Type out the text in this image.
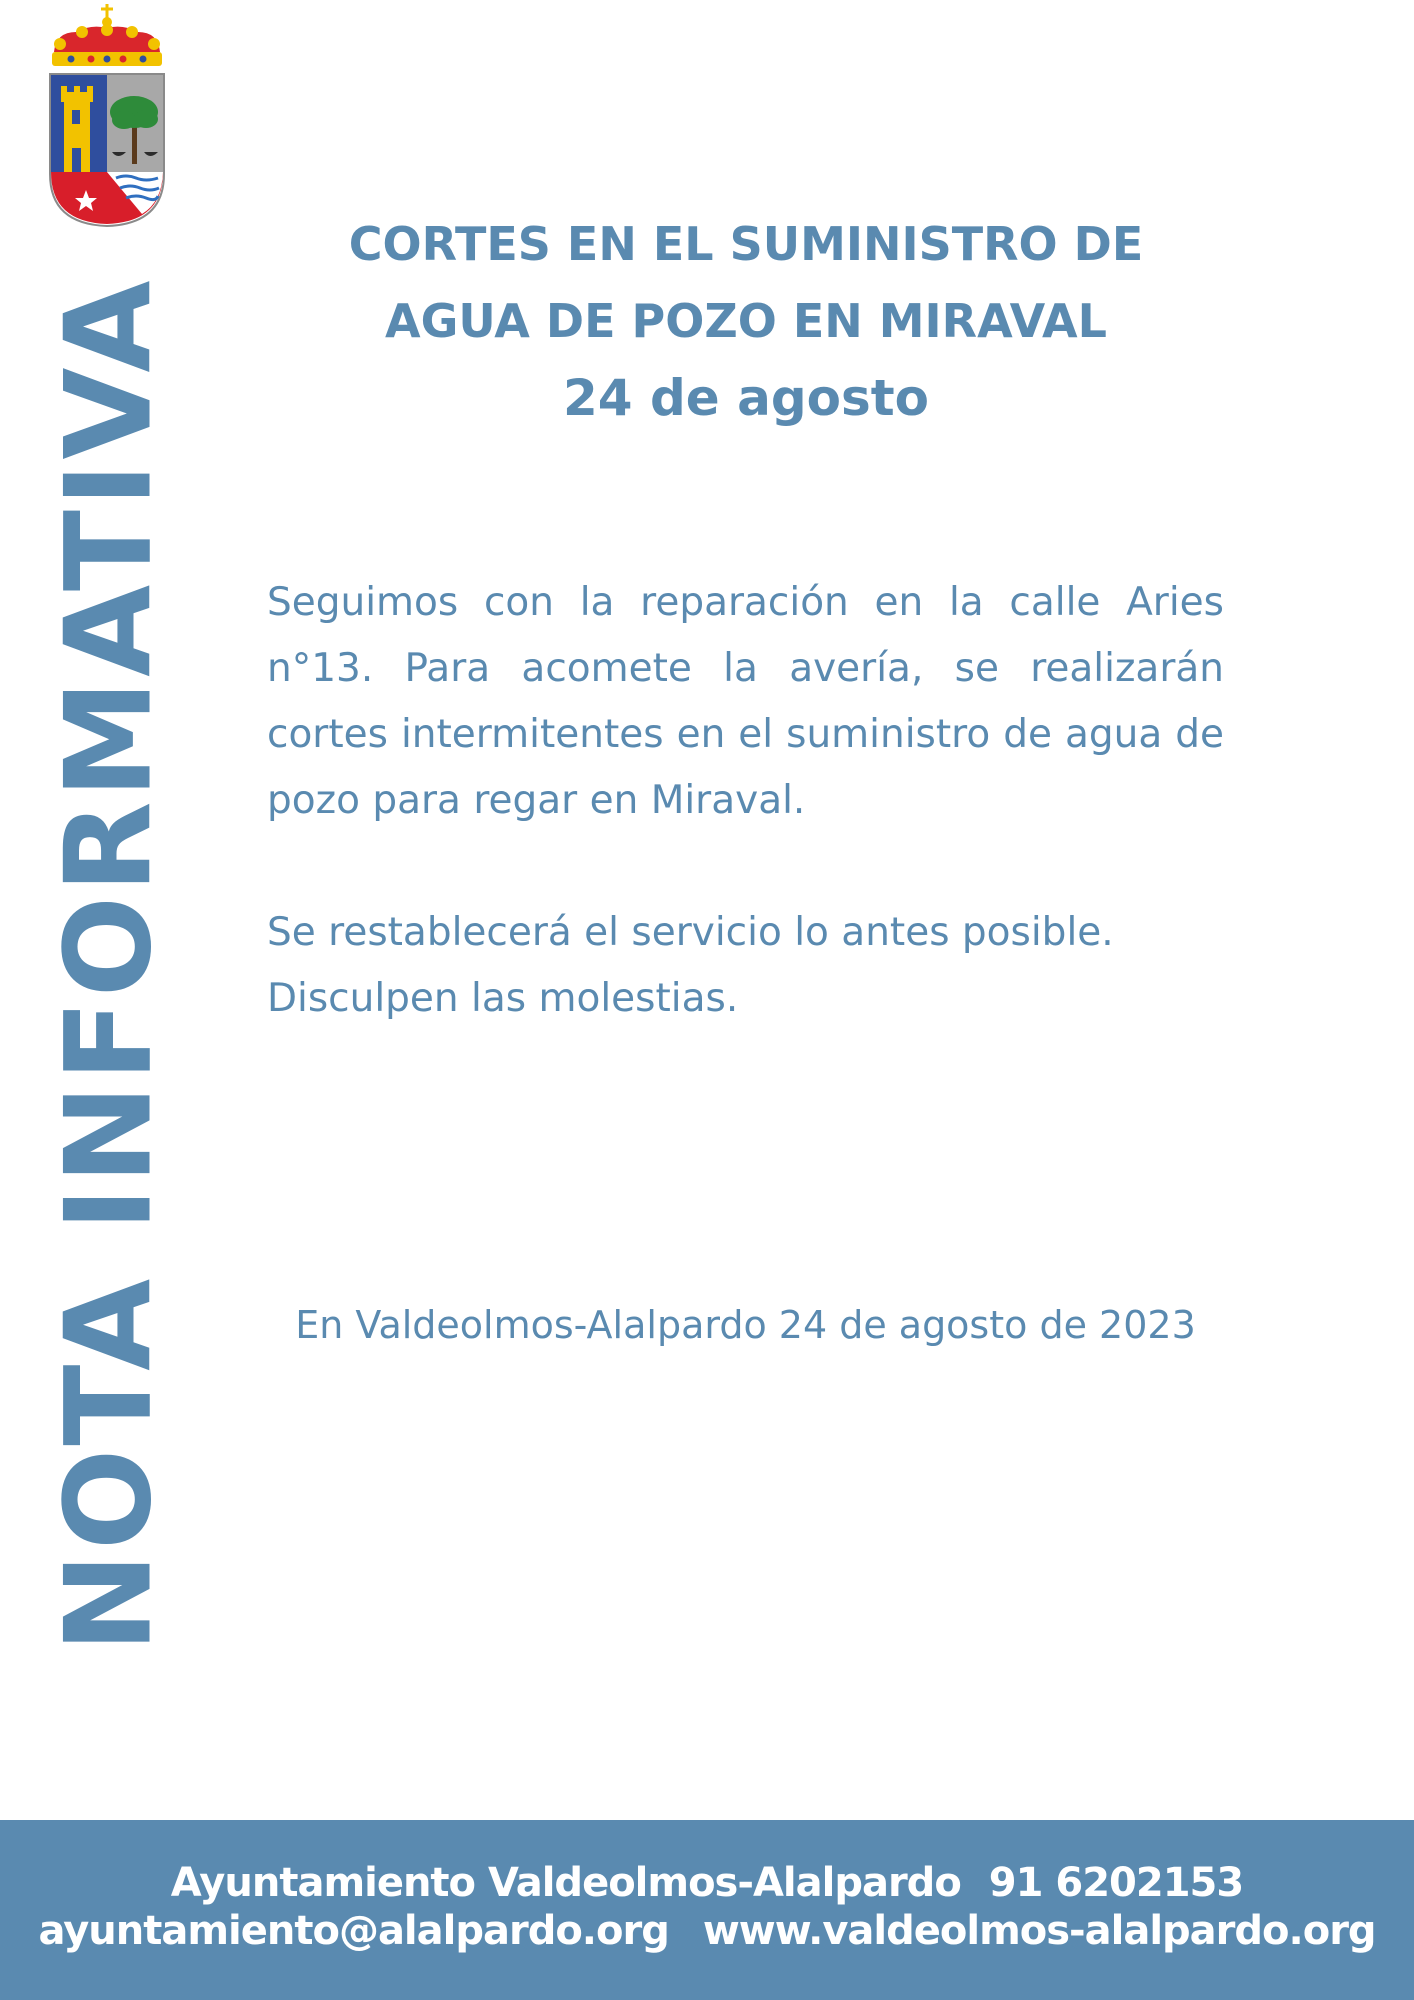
NOTA INFORMATIVA
CORTES EN EL SUMINISTRO DE
AGUA DE POZO EN MIRAVAL
24 de agosto

Seguimos con la reparación en la calle Aries n°13. Para acomete la avería, se realizarán cortes intermitentes en el suministro de agua de pozo para regar en Miraval.

Se restablecerá el servicio lo antes posible.
Disculpen las molestias.

En Valdeolmos-Alalpardo 24 de agosto de 2023
Ayuntamiento Valdeolmos-Alalpardo 91 6202153
ayuntamiento@alalpardo.org www.valdeolmos-alalpardo.org
